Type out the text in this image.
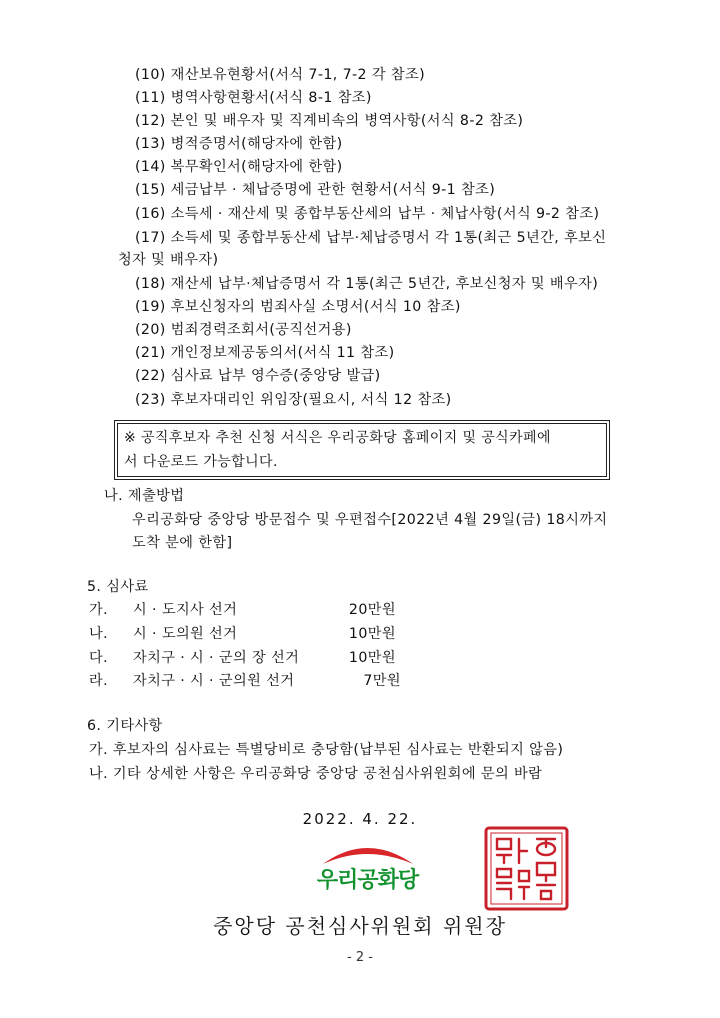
(10) 재산보유현황서(서식 7-1, 7-2 각 참조)
(11) 병역사항현황서(서식 8-1 참조)
(12) 본인 및 배우자 및 직계비속의 병역사항(서식 8-2 참조)
(13) 병적증명서(해당자에 한함)
(14) 복무확인서(해당자에 한함)
(15) 세금납부 · 체납증명에 관한 현황서(서식 9-1 참조)
(16) 소득세 · 재산세 및 종합부동산세의 납부 · 체납사항(서식 9-2 참조)
(17) 소득세 및 종합부동산세 납부·체납증명서 각 1통(최근 5년간, 후보신
청자 및 배우자)
(18) 재산세 납부·체납증명서 각 1통(최근 5년간, 후보신청자 및 배우자)
(19) 후보신청자의 범죄사실 소명서(서식 10 참조)
(20) 범죄경력조회서(공직선거용)
(21) 개인정보제공동의서(서식 11 참조)
(22) 심사료 납부 영수증(중앙당 발급)
(23) 후보자대리인 위임장(필요시, 서식 12 참조)
※ 공직후보자 추천 신청 서식은 우리공화당 홈페이지 및 공식카페에
서 다운로드 가능합니다.
나. 제출방법
우리공화당 중앙당 방문접수 및 우편접수[2022년 4월 29일(금) 18시까지
도착 분에 한함]
5. 심사료
가. 시 · 도지사 선거	20만원
나. 시 · 도의원 선거	10만원
다. 자치구 · 시 · 군의 장 선거	10만원
라. 자치구 · 시 · 군의원 선거	7만원
6. 기타사항
가. 후보자의 심사료는 특별당비로 충당함(납부된 심사료는 반환되지 않음)
나. 기타 상세한 사항은 우리공화당 중앙당 공천심사위원회에 문의 바람
2022. 4. 22.
우리공화당
중앙당 공천심사위원회 위원장
- 2 -
